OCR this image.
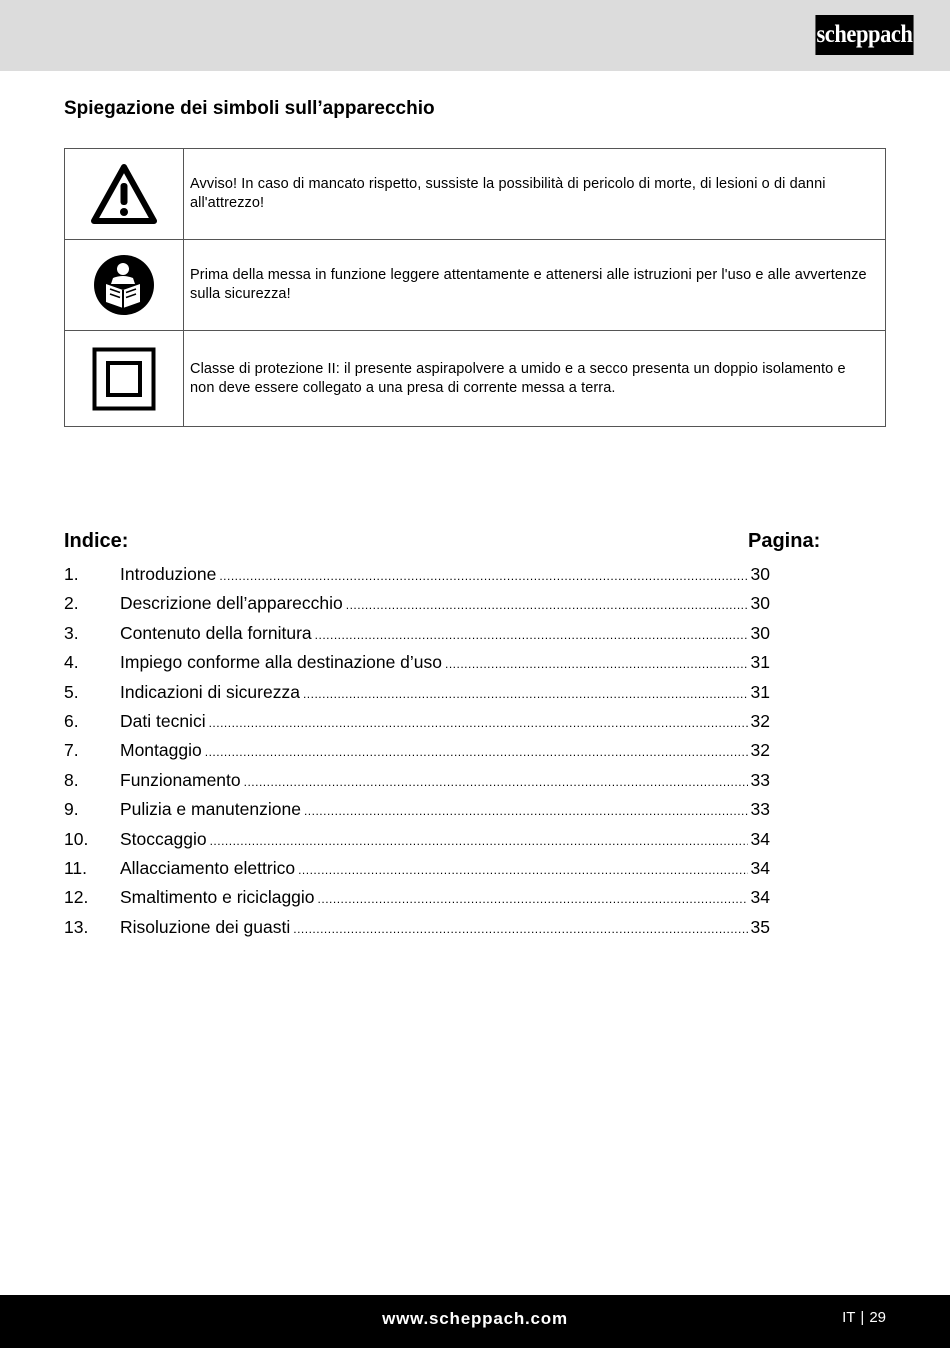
scheppach
Spiegazione dei simboli sull’apparecchio
	Avviso! In caso di mancato rispetto, sussiste la possibilità di pericolo di morte, di lesioni o di danni all'attrezzo!

	Prima della messa in funzione leggere attentamente e attenersi alle istruzioni per l'uso e alle avvertenze sulla sicurezza!

	Classe di protezione II: il presente aspirapolvere a umido e a secco presenta un doppio isolamento e non deve essere collegato a una presa di corrente messa a terra.
Indice:	Pagina:
1.	Introduzione .....	30
2.	Descrizione dell’apparecchio .....	30
3.	Contenuto della fornitura .....	30
4.	Impiego conforme alla destinazione d’uso .....	31
5.	Indicazioni di sicurezza .....	31
6.	Dati tecnici .....	32
7.	Montaggio .....	32
8.	Funzionamento .....	33
9.	Pulizia e manutenzione .....	33
10.	Stoccaggio .....	34
11.	Allacciamento elettrico .....	34
12.	Smaltimento e riciclaggio .....	34
13.	Risoluzione dei guasti .....	35
www.scheppach.com	IT | 29
